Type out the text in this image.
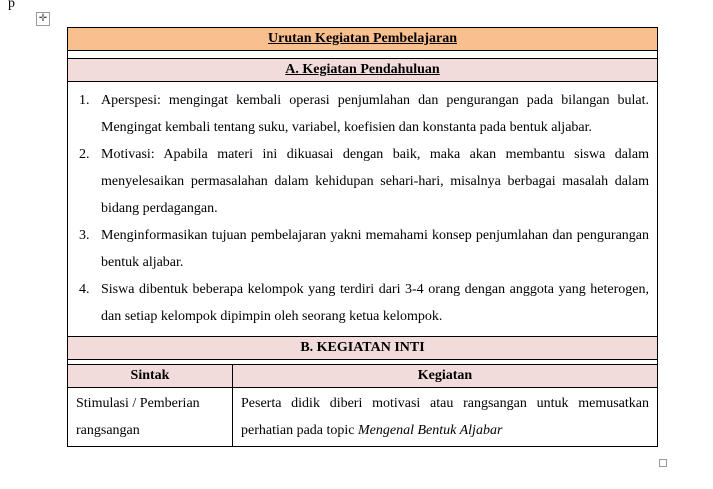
p
✛
Urutan Kegiatan Pembelajaran	

A. Kegiatan Pendahuluan	

1. Aperspesi: mengingat kembali operasi penjumlahan dan pengurangan pada bilangan bulat. Mengingat kembali tentang suku, variabel, koefisien dan konstanta pada bentuk aljabar.
2. Motivasi: Apabila materi ini dikuasai dengan baik, maka akan membantu siswa dalam menyelesaikan permasalahan dalam kehidupan sehari-hari, misalnya berbagai masalah dalam bidang perdagangan.
3. Menginformasikan tujuan pembelajaran yakni memahami konsep penjumlahan dan pengurangan bentuk aljabar.
4. Siswa dibentuk beberapa kelompok yang terdiri dari 3-4 orang dengan anggota yang heterogen, dan setiap kelompok dipimpin oleh seorang ketua kelompok.

B. KEGIATAN INTI	

Sintak	Kegiatan
Stimulasi / Pemberian rangsangan	Peserta didik diberi motivasi atau rangsangan untuk memusatkan perhatian pada topic Mengenal Bentuk Aljabar
